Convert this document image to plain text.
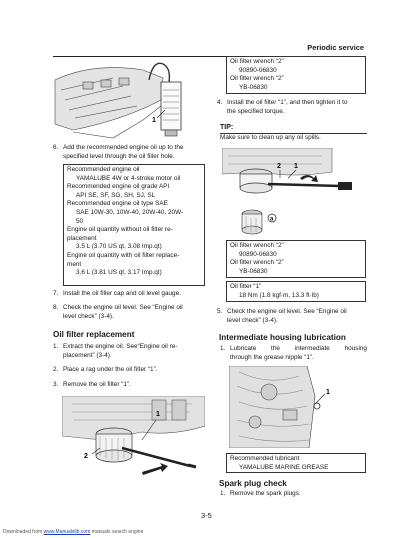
Periodic service
1
6. Add the recommended engine oil up to the
specified level through the oil filler hole.
Recommended engine oil
YAMALUBE 4W or 4-stroke motor oil
Recommended engine oil grade API
API SE, SF, SG, SH, SJ, SL
Recommended engine oil type SAE
SAE 10W-30, 10W-40, 20W-40, 20W-
50
Engine oil quantity without oil filter re-
placement
3.5 L (3.70 US qt, 3.08 Imp.qt)
Engine oil quantity with oil filter replace-
ment
3.6 L (3.81 US qt, 3.17 Imp.qt)
7. Install the oil filler cap and oil level gauge.
8. Check the engine oil level. See “Engine oil
level check” (3-4).
Oil filter replacement
1. Extract the engine oil. See“Engine oil re-
placement” (3-4).
2. Place a rag under the oil filter “1”.
3. Remove the oil filter “1”.
1
2
Oil filter wrench “2”
90890-06830
Oil filter wrench “2”
YB-06830
4. Install the oil filter “1”, and then tighten it to
the specified torque.
TIP:
Make sure to clean up any oil spills.
2 1
a
Oil filter wrench “2”
90890-06830
Oil filter wrench “2”
YB-06830
Oil filter “1”
18 Nm (1.8 kgf·m, 13.3 ft·lb)
5. Check the engine oil level. See “Engine oil
level check” (3-4).
Intermediate housing lubrication
1. Lubricate the intermediate housing
through the grease nipple “1”.
1
Recommended lubricant
YAMALUBE MARINE GREASE
Spark plug check
1. Remove the spark plugs.
3-5
Downloaded from www.Manualslib.com manuals search engine
